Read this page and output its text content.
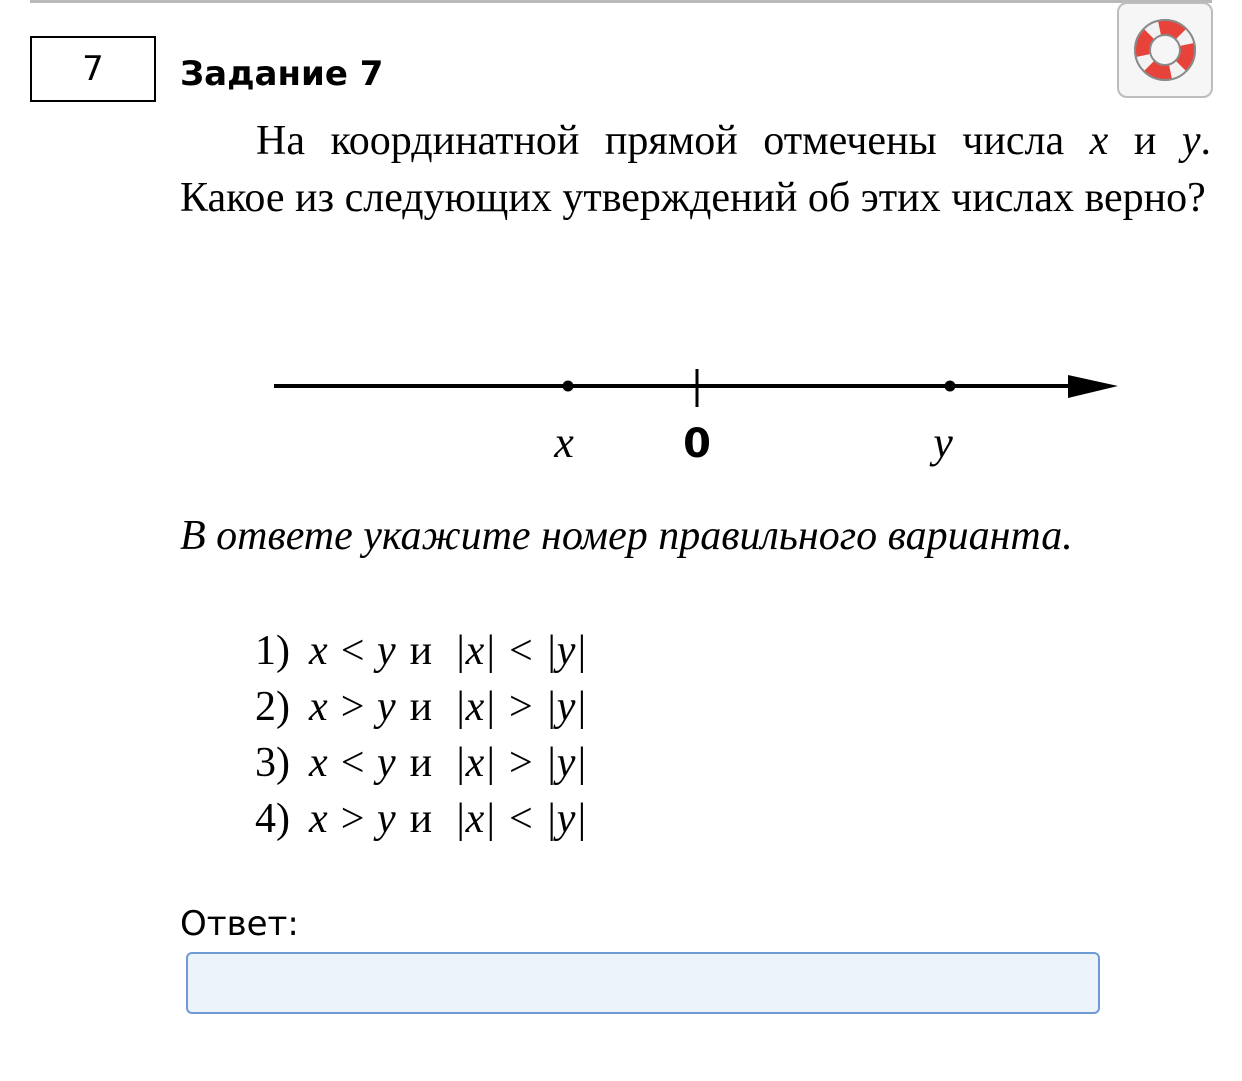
7 Задание 7
На координатной прямой отмечены числа x и y. Какое из следующих утверждений об этих числах верно?
x	0	y
В ответе укажите номер правильного варианта.
1) x < y и |x| < |y|
2) x > y и |x| > |y|
3) x < y и |x| > |y|
4) x > y и |x| < |y|
Ответ:
